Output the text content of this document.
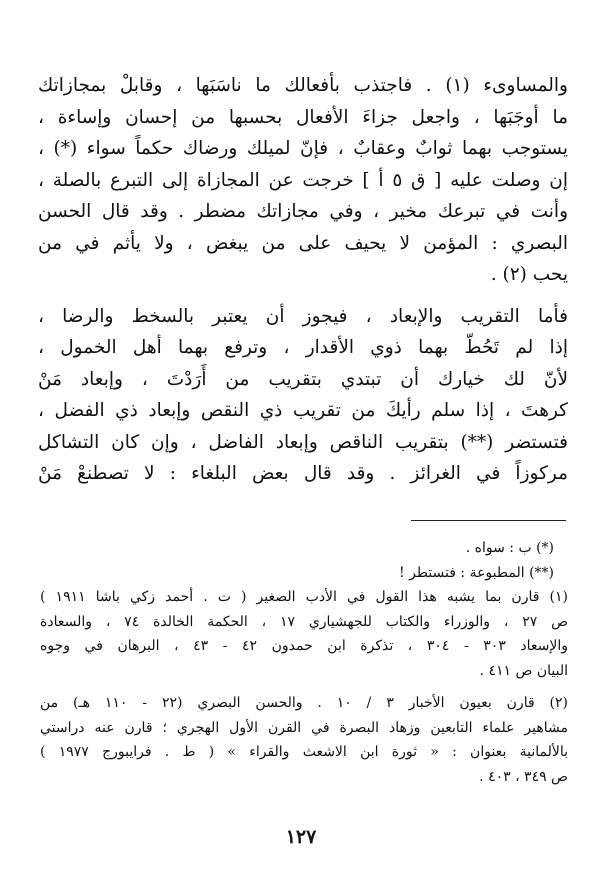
والمساوىء (١) . فاجتذب بأفعالك ما ناسَبَها ، وقابلْ بمجازاتك
ما أوجَبَها ، واجعل جزاءَ الأفعال بحسبها من إحسان وإساءة ،
يستوجب بهما ثوابٌ وعقابٌ ، فإنّ لميلك ورضاك حكماً سواء (*) ،
إن وصلت عليه [ ق ٥ أ ] خرجت عن المجازاة إلى التبرع بالصلة ،
وأنت في تبرعك مخير ، وفي مجازاتك مضطر . وقد قال الحسن
البصري : المؤمن لا يحيف على من يبغض ، ولا يأثم في من
يحب (٢) .
فأما التقريب والإبعاد ، فيجوز أن يعتبر بالسخط والرضا ،
إذا لم تَحُطّ بهما ذوي الأقدار ، وترفع بهما أهل الخمول ،
لأنّ لك خيارك أن تبتدي بتقريب من أَرَدْتَ ، وإبعاد مَنْ
كرهتَ ، إذا سلم رأيكَ من تقريب ذي النقص وإبعاد ذي الفضل ،
فتستضر (**) بتقريب الناقص وإبعاد الفاضل ، وإن كان التشاكل
مركوزاً في الغرائز . وقد قال بعض البلغاء : لا تصطنعْ مَنْ
(*) ب : سواه .
(**) المطبوعة : فتستطر !
(١) قارن بما يشبه هذا القول في الأدب الصغير ( ت . أحمد زكي باشا ١٩١١ )
ص ٢٧ ، والوزراء والكتاب للجهشياري ١٧ ، الحكمة الخالدة ٧٤ ، والسعادة
والإسعاد ٣٠٣ - ٣٠٤ ، تذكرة ابن حمدون ٤٢ - ٤٣ ، البرهان في وجوه
البيان ص ٤١١ .
(٢) قارن بعيون الأخبار ٣ / ١٠ . والحسن البصري (٢٢ - ١١٠ هـ) من
مشاهير علماء التابعين وزهاد البصرة في القرن الأول الهجري ؛ قارن عنه دراستي
بالألمانية بعنوان : « ثورة ابن الاشعث والقراء » ( ط . فرايبورج ١٩٧٧ )
ص ٣٤٩ ، ٤٠٣ .
١٢٧
